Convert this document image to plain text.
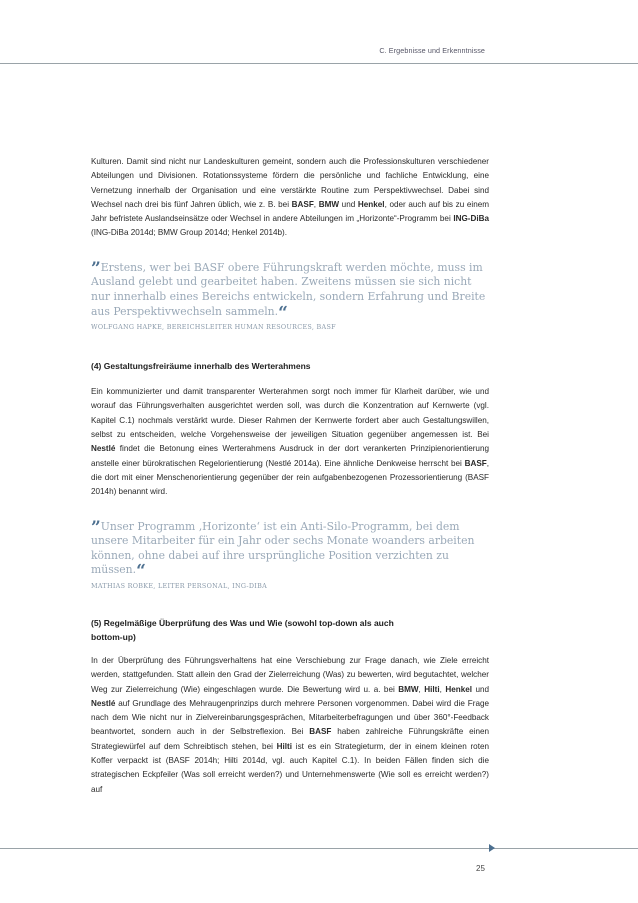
C. Ergebnisse und Erkenntnisse

Kulturen. Damit sind nicht nur Landeskulturen gemeint, sondern auch die Professionskulturen verschiedener Abteilungen und Divisionen. Rotationssysteme fördern die persönliche und fachliche Entwicklung, eine Vernetzung innerhalb der Organisation und eine verstärkte Routine zum Perspektivwechsel. Dabei sind Wechsel nach drei bis fünf Jahren üblich, wie z. B. bei BASF, BMW und Henkel, oder auch auf bis zu einem Jahr befristete Auslandseinsätze oder Wechsel in andere Abteilungen im „Horizonte“-Programm bei ING-DiBa (ING-DiBa 2014d; BMW Group 2014d; Henkel 2014b).

”Erstens, wer bei BASF obere Führungskraft werden möchte, muss im Ausland gelebt und gearbeitet haben. Zweitens müssen sie sich nicht nur innerhalb eines Bereichs entwickeln, sondern Erfahrung und Breite aus Perspektivwechseln sammeln.“

WOLFGANG HAPKE, BEREICHSLEITER HUMAN RESOURCES, BASF

(4) Gestaltungsfreiräume innerhalb des Werterahmens

Ein kommunizierter und damit transparenter Werterahmen sorgt noch immer für Klarheit darüber, wie und worauf das Führungsverhalten ausgerichtet werden soll, was durch die Konzentration auf Kernwerte (vgl. Kapitel C.1) nochmals verstärkt wurde. Dieser Rahmen der Kernwerte fordert aber auch Gestaltungswillen, selbst zu entscheiden, welche Vorgehensweise der jeweiligen Situation gegenüber angemessen ist. Bei Nestlé findet die Betonung eines Werterahmens Ausdruck in der dort verankerten Prinzipienorientierung anstelle einer bürokratischen Regelorientierung (Nestlé 2014a). Eine ähnliche Denkweise herrscht bei BASF, die dort mit einer Menschenorientierung gegenüber der rein aufgabenbezogenen Prozessorientierung (BASF 2014h) benannt wird.

”Unser Programm ‚Horizonte‘ ist ein Anti-Silo-Programm, bei dem unsere Mitarbeiter für ein Jahr oder sechs Monate woanders arbeiten können, ohne dabei auf ihre ursprüngliche Position verzichten zu müssen.“

MATHIAS ROBKE, LEITER PERSONAL, ING-DIBA

(5) Regelmäßige Überprüfung des Was und Wie (sowohl top-down als auch bottom-up)

In der Überprüfung des Führungsverhaltens hat eine Verschiebung zur Frage danach, wie Ziele erreicht werden, stattgefunden. Statt allein den Grad der Zielerreichung (Was) zu bewerten, wird begutachtet, welcher Weg zur Zielerreichung (Wie) eingeschlagen wurde. Die Bewertung wird u. a. bei BMW, Hilti, Henkel und Nestlé auf Grundlage des Mehraugenprinzips durch mehrere Personen vorgenommen. Dabei wird die Frage nach dem Wie nicht nur in Zielvereinbarungsgesprächen, Mitarbeiterbefragungen und über 360°-Feedback beantwortet, sondern auch in der Selbstreflexion. Bei BASF haben zahlreiche Führungskräfte einen Strategiewürfel auf dem Schreibtisch stehen, bei Hilti ist es ein Strategieturm, der in einem kleinen roten Koffer verpackt ist (BASF 2014h; Hilti 2014d, vgl. auch Kapitel C.1). In beiden Fällen finden sich die strategischen Eckpfeiler (Was soll erreicht werden?) und Unternehmenswerte (Wie soll es erreicht werden?) auf

25
